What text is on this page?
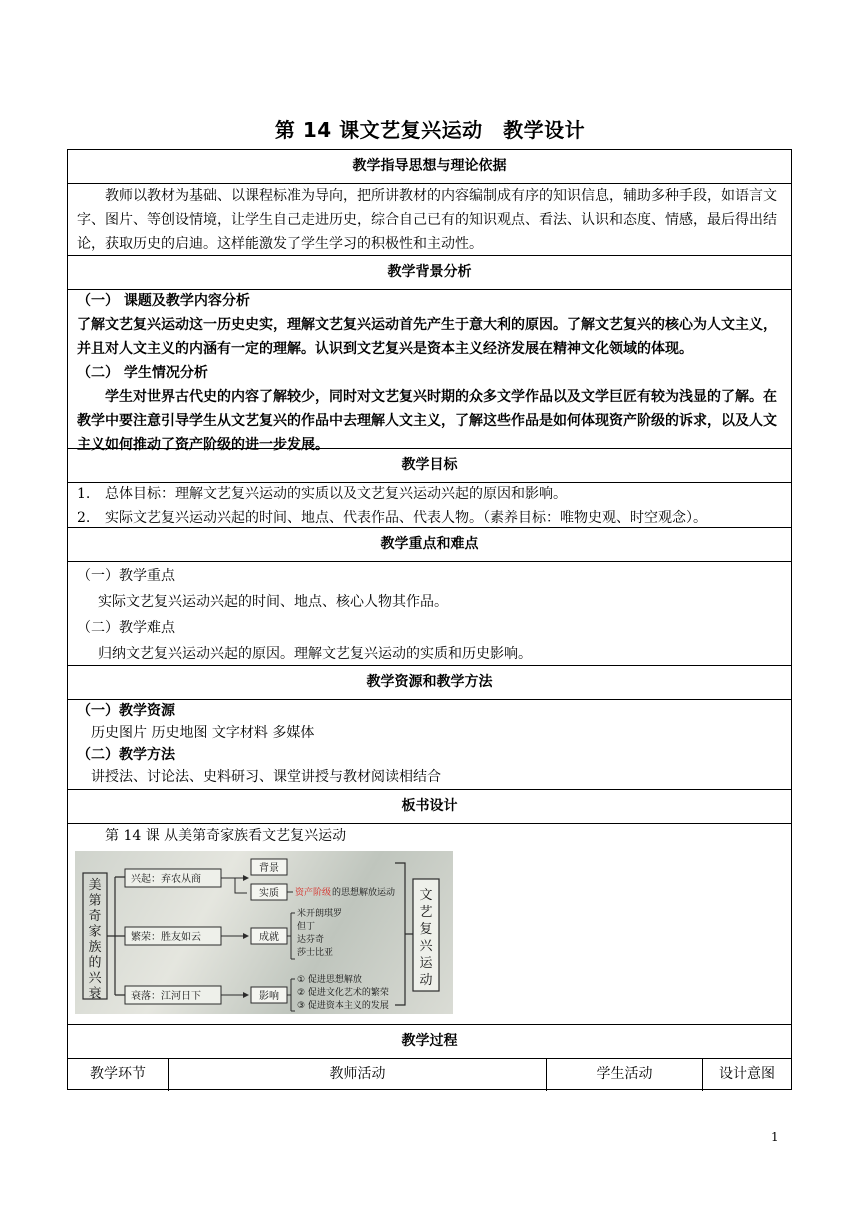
第 14 课文艺复兴运动　教学设计
教学指导思想与理论依据

教师以教材为基础、以课程标准为导向，把所讲教材的内容编制成有序的知识信息，辅助多种手段，如语言文字、图片、等创设情境，让学生自己走进历史，综合自己已有的知识观点、看法、认识和态度、情感，最后得出结论，获取历史的启迪。这样能激发了学生学习的积极性和主动性。

教学背景分析

（一） 课题及教学内容分析

了解文艺复兴运动这一历史史实，理解文艺复兴运动首先产生于意大利的原因。了解文艺复兴的核心为人文主义，并且对人文主义的内涵有一定的理解。认识到文艺复兴是资本主义经济发展在精神文化领域的体现。

（二） 学生情况分析

学生对世界古代史的内容了解较少，同时对文艺复兴时期的众多文学作品以及文学巨匠有较为浅显的了解。在教学中要注意引导学生从文艺复兴的作品中去理解人文主义，了解这些作品是如何体现资产阶级的诉求，以及人文主义如何推动了资产阶级的进一步发展。

教学目标

1. 总体目标：理解文艺复兴运动的实质以及文艺复兴运动兴起的原因和影响。

2. 实际文艺复兴运动兴起的时间、地点、代表作品、代表人物。（素养目标：唯物史观、时空观念）。

教学重点和难点

（一）教学重点

实际文艺复兴运动兴起的时间、地点、核心人物其作品。

（二）教学难点

归纳文艺复兴运动兴起的原因。理解文艺复兴运动的实质和历史影响。

教学资源和教学方法

（一）教学资源

历史图片 历史地图 文字材料 多媒体

（二）教学方法

讲授法、讨论法、史料研习、课堂讲授与教材阅读相结合

板书设计

第 14 课 从美第奇家族看文艺复兴运动

美
第
奇
家
族
的
兴
衰
兴起：弃农从商
繁荣：胜友如云
衰落：江河日下
背景
实质
成就
影响
资产阶级 的思想解放运动
米开朗琪罗
但丁
达芬奇
莎士比亚
① 促进思想解放
② 促进文化艺术的繁荣
③ 促进资本主义的发展
文
艺
复
兴
运
动
教学过程
教学环节	教师活动	学生活动	设计意图
1
